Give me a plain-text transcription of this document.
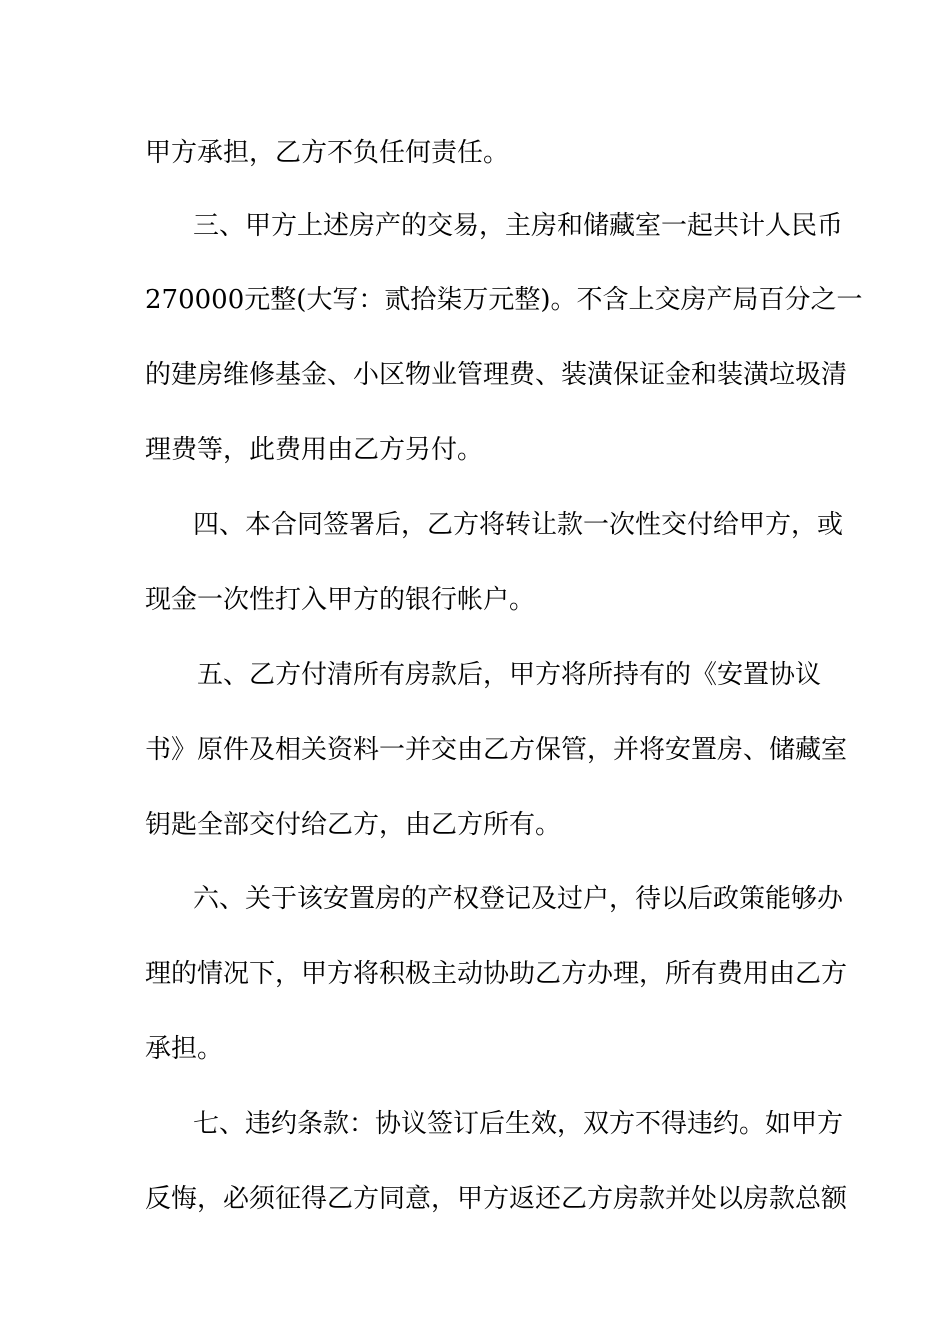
甲方承担，乙方不负任何责任。
三、甲方上述房产的交易，主房和储藏室一起共计人民币
270000元整(大写：贰拾柒万元整)。不含上交房产局百分之一
的建房维修基金、小区物业管理费、装潢保证金和装潢垃圾清
理费等，此费用由乙方另付。
四、本合同签署后，乙方将转让款一次性交付给甲方，或
现金一次性打入甲方的银行帐户。
五、乙方付清所有房款后，甲方将所持有的《安置协议
书》原件及相关资料一并交由乙方保管，并将安置房、储藏室
钥匙全部交付给乙方，由乙方所有。
六、关于该安置房的产权登记及过户，待以后政策能够办
理的情况下，甲方将积极主动协助乙方办理，所有费用由乙方
承担。
七、违约条款：协议签订后生效，双方不得违约。如甲方
反悔，必须征得乙方同意，甲方返还乙方房款并处以房款总额
